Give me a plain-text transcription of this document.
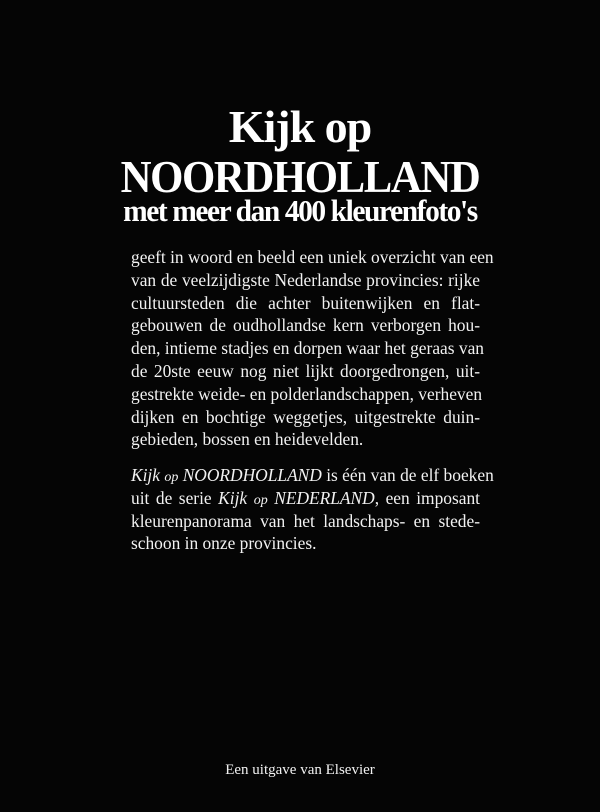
Kijk op
NOORDHOLLAND
met meer dan 400 kleurenfoto's
geeft in woord en beeld een uniek overzicht van een
van de veelzijdigste Nederlandse provincies: rijke
cultuursteden die achter buitenwijken en flat-
gebouwen de oudhollandse kern verborgen hou-
den, intieme stadjes en dorpen waar het geraas van
de 20ste eeuw nog niet lijkt doorgedrongen, uit-
gestrekte weide- en polderlandschappen, verheven
dijken en bochtige weggetjes, uitgestrekte duin-
gebieden, bossen en heidevelden.
Kijk op NOORDHOLLAND is één van de elf boeken
uit de serie Kijk op NEDERLAND, een imposant
kleurenpanorama van het landschaps- en stede-
schoon in onze provincies.
Een uitgave van Elsevier
